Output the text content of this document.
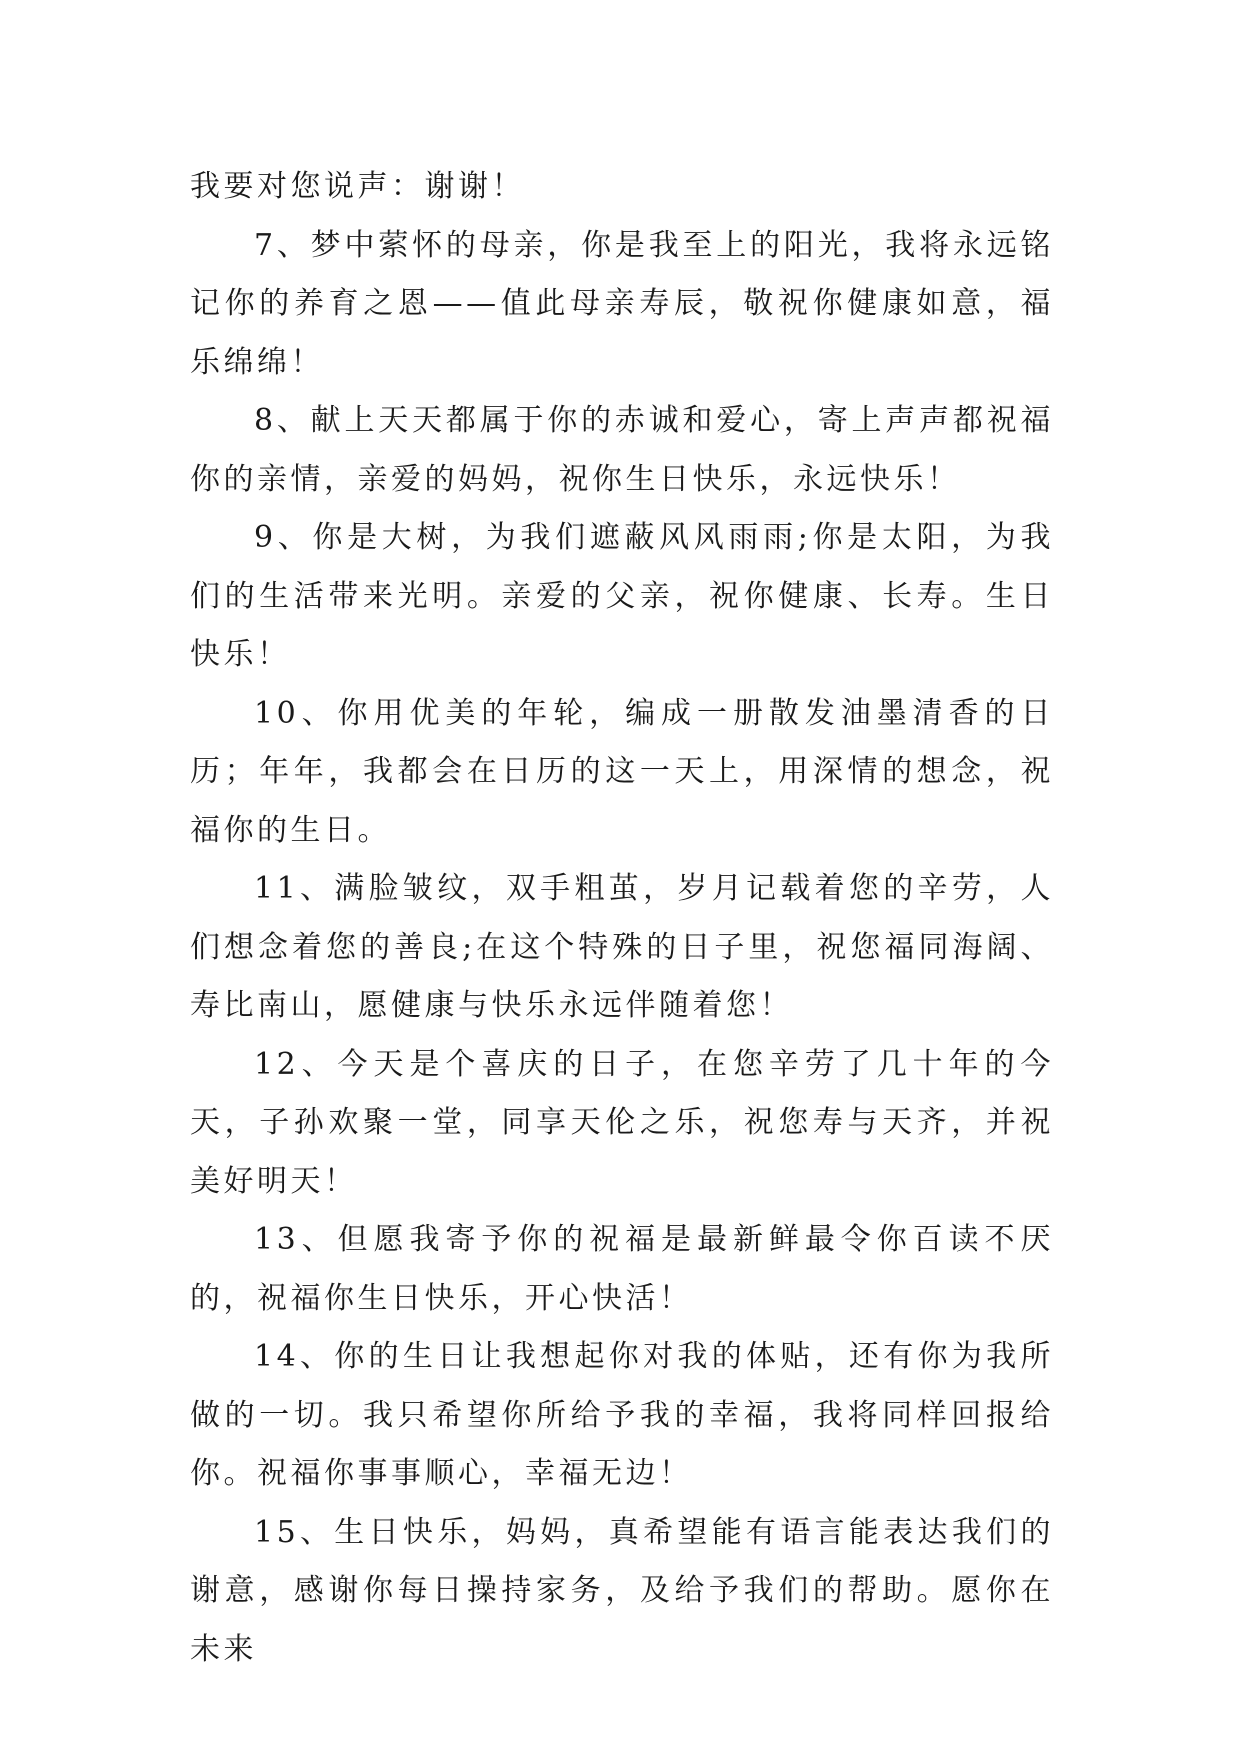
我要对您说声：谢谢！

7、梦中萦怀的母亲，你是我至上的阳光，我将永远铭记你的养育之恩——值此母亲寿辰，敬祝你健康如意，福乐绵绵！

8、献上天天都属于你的赤诚和爱心，寄上声声都祝福你的亲情，亲爱的妈妈，祝你生日快乐，永远快乐！

9、你是大树，为我们遮蔽风风雨雨;你是太阳，为我们的生活带来光明。亲爱的父亲，祝你健康、长寿。生日快乐！

10、你用优美的年轮，编成一册散发油墨清香的日历；年年，我都会在日历的这一天上，用深情的想念，祝福你的生日。

11、满脸皱纹，双手粗茧，岁月记载着您的辛劳，人们想念着您的善良;在这个特殊的日子里，祝您福同海阔、寿比南山，愿健康与快乐永远伴随着您！

12、今天是个喜庆的日子，在您辛劳了几十年的今天，子孙欢聚一堂，同享天伦之乐，祝您寿与天齐，并祝美好明天！

13、但愿我寄予你的祝福是最新鲜最令你百读不厌的，祝福你生日快乐，开心快活！

14、你的生日让我想起你对我的体贴，还有你为我所做的一切。我只希望你所给予我的幸福，我将同样回报给你。祝福你事事顺心，幸福无边！

15、生日快乐，妈妈，真希望能有语言能表达我们的谢意，感谢你每日操持家务，及给予我们的帮助。愿你在未来
